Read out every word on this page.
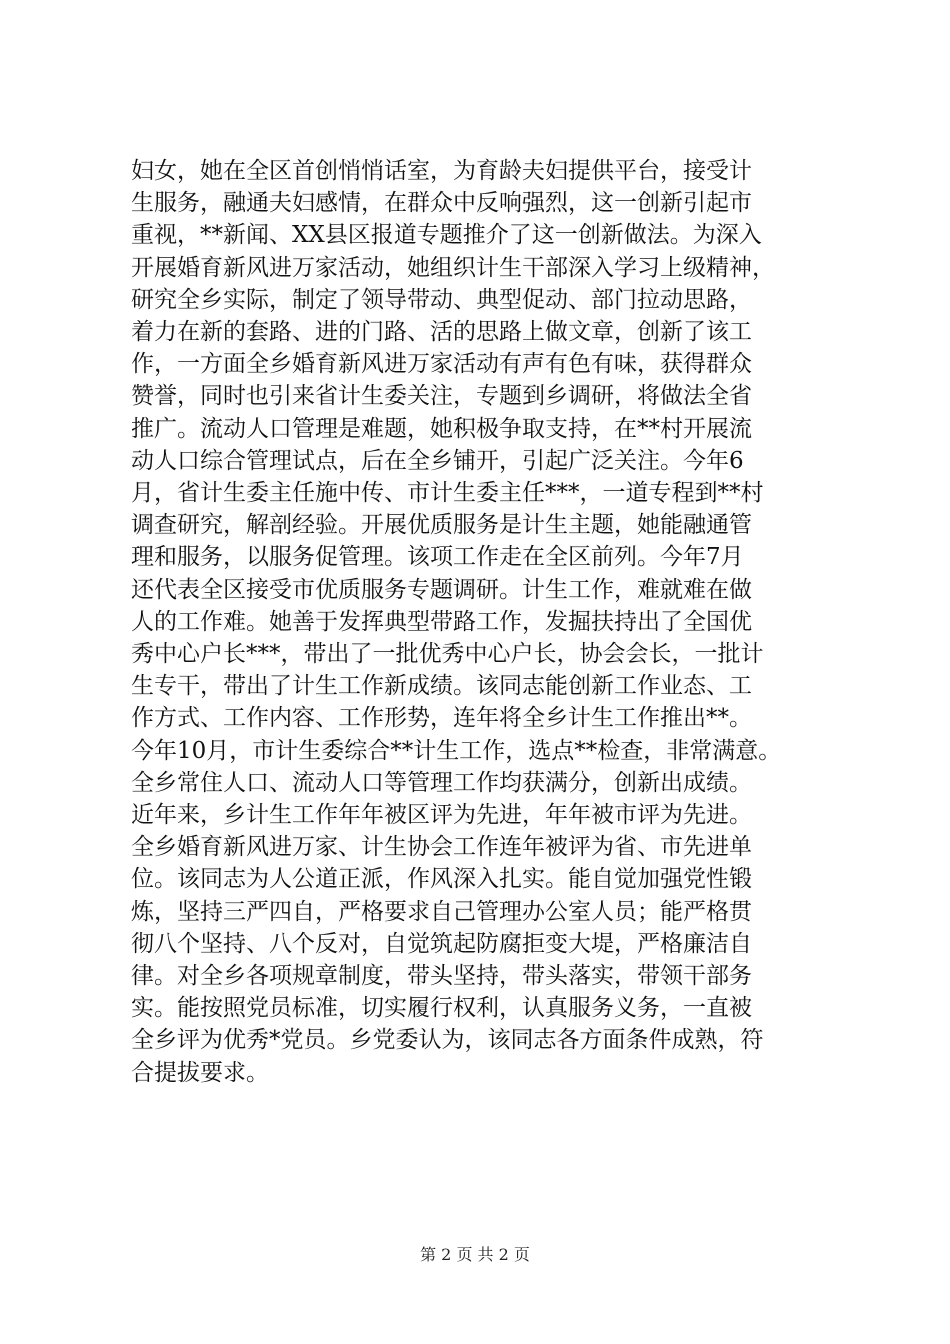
妇女，她在全区首创悄悄话室，为育龄夫妇提供平台，接受计
生服务，融通夫妇感情，在群众中反响强烈，这一创新引起市
重视，**新闻、XX县区报道专题推介了这一创新做法。为深入
开展婚育新风进万家活动，她组织计生干部深入学习上级精神，
研究全乡实际，制定了领导带动、典型促动、部门拉动思路，
着力在新的套路、进的门路、活的思路上做文章，创新了该工
作，一方面全乡婚育新风进万家活动有声有色有味，获得群众
赞誉，同时也引来省计生委关注，专题到乡调研，将做法全省
推广。流动人口管理是难题，她积极争取支持，在**村开展流
动人口综合管理试点，后在全乡铺开，引起广泛关注。今年6
月，省计生委主任施中传、市计生委主任***，一道专程到**村
调查研究，解剖经验。开展优质服务是计生主题，她能融通管
理和服务，以服务促管理。该项工作走在全区前列。今年7月
还代表全区接受市优质服务专题调研。计生工作，难就难在做
人的工作难。她善于发挥典型带路工作，发掘扶持出了全国优
秀中心户长***，带出了一批优秀中心户长，协会会长，一批计
生专干，带出了计生工作新成绩。该同志能创新工作业态、工
作方式、工作内容、工作形势，连年将全乡计生工作推出**。
今年10月，市计生委综合**计生工作，选点**检查，非常满意。
全乡常住人口、流动人口等管理工作均获满分，创新出成绩。
近年来，乡计生工作年年被区评为先进，年年被市评为先进。
全乡婚育新风进万家、计生协会工作连年被评为省、市先进单
位。该同志为人公道正派，作风深入扎实。能自觉加强党性锻
炼，坚持三严四自，严格要求自己管理办公室人员；能严格贯
彻八个坚持、八个反对，自觉筑起防腐拒变大堤，严格廉洁自
律。对全乡各项规章制度，带头坚持，带头落实，带领干部务
实。能按照党员标准，切实履行权利，认真服务义务，一直被
全乡评为优秀*党员。乡党委认为，该同志各方面条件成熟，符
合提拔要求。
第 2 页 共 2 页
